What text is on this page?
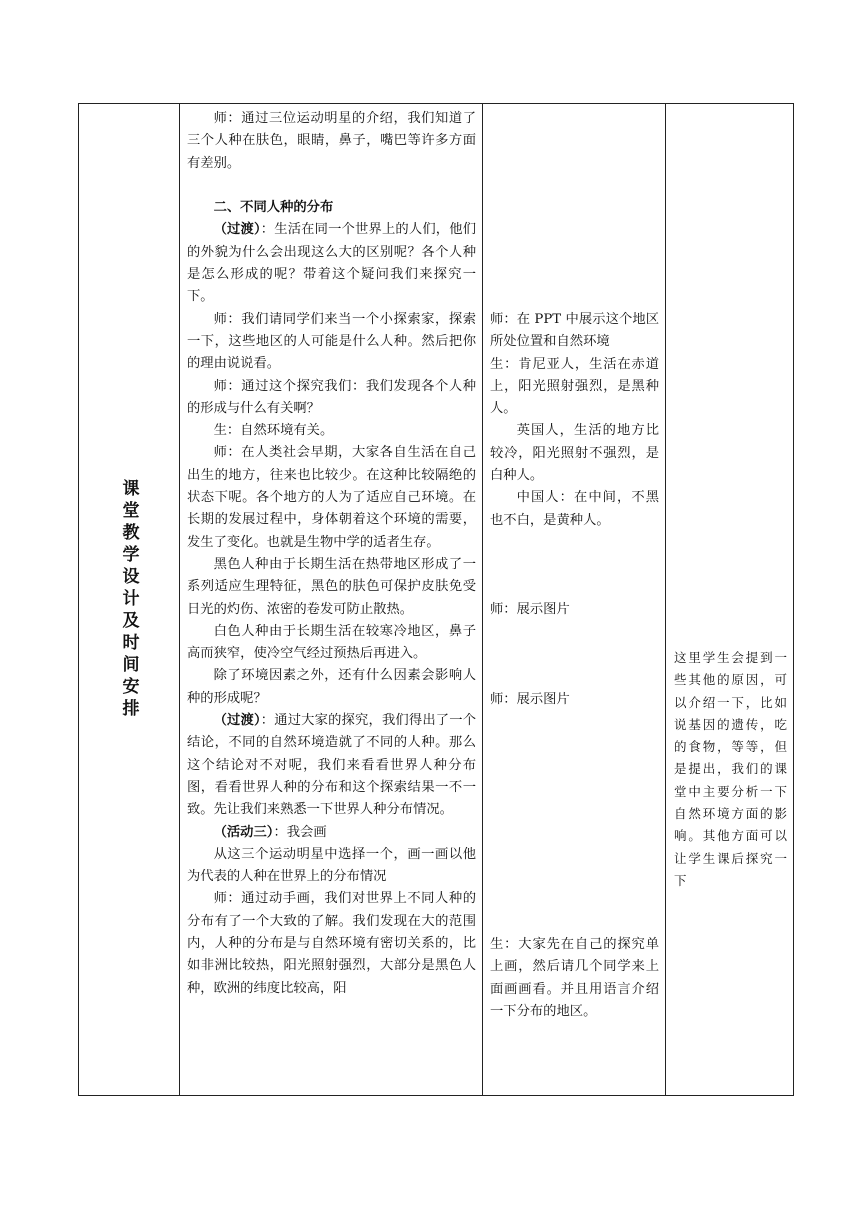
课堂教学设计及时间安排

师：通过三位运动明星的介绍，我们知道了三个人种在肤色，眼睛，鼻子，嘴巴等许多方面有差别。

二、不同人种的分布

（过渡）：生活在同一个世界上的人们，他们的外貌为什么会出现这么大的区别呢？各个人种是怎么形成的呢？带着这个疑问我们来探究一下。

师：我们请同学们来当一个小探索家，探索一下，这些地区的人可能是什么人种。然后把你的理由说说看。

师：通过这个探究我们：我们发现各个人种的形成与什么有关啊？

生：自然环境有关。

师：在人类社会早期，大家各自生活在自己出生的地方，往来也比较少。在这种比较隔绝的状态下呢。各个地方的人为了适应自己环境。在长期的发展过程中，身体朝着这个环境的需要，发生了变化。也就是生物中学的适者生存。

黑色人种由于长期生活在热带地区形成了一系列适应生理特征，黑色的肤色可保护皮肤免受日光的灼伤、浓密的卷发可防止散热。

白色人种由于长期生活在较寒冷地区，鼻子高而狭窄，使冷空气经过预热后再进入。

除了环境因素之外，还有什么因素会影响人种的形成呢？

（过渡）：通过大家的探究，我们得出了一个结论，不同的自然环境造就了不同的人种。那么这个结论对不对呢，我们来看看世界人种分布图，看看世界人种的分布和这个探索结果一不一致。先让我们来熟悉一下世界人种分布情况。

（活动三）：我会画

从这三个运动明星中选择一个，画一画以他为代表的人种在世界上的分布情况

师：通过动手画，我们对世界上不同人种的分布有了一个大致的了解。我们发现在大的范围内，人种的分布是与自然环境有密切关系的，比如非洲比较热，阳光照射强烈，大部分是黑色人种，欧洲的纬度比较高，阳

师：在 PPT 中展示这个地区所处位置和自然环境

生：肯尼亚人，生活在赤道上，阳光照射强烈，是黑种人。

英国人，生活的地方比较冷，阳光照射不强烈，是白种人。

中国人：在中间，不黑也不白，是黄种人。

师：展示图片

师：展示图片

生：大家先在自己的探究单上画，然后请几个同学来上面画画看。并且用语言介绍一下分布的地区。

这里学生会提到一些其他的原因，可以介绍一下，比如说基因的遗传，吃的食物，等等，但是提出，我们的课堂中主要分析一下自然环境方面的影响。其他方面可以让学生课后探究一下
